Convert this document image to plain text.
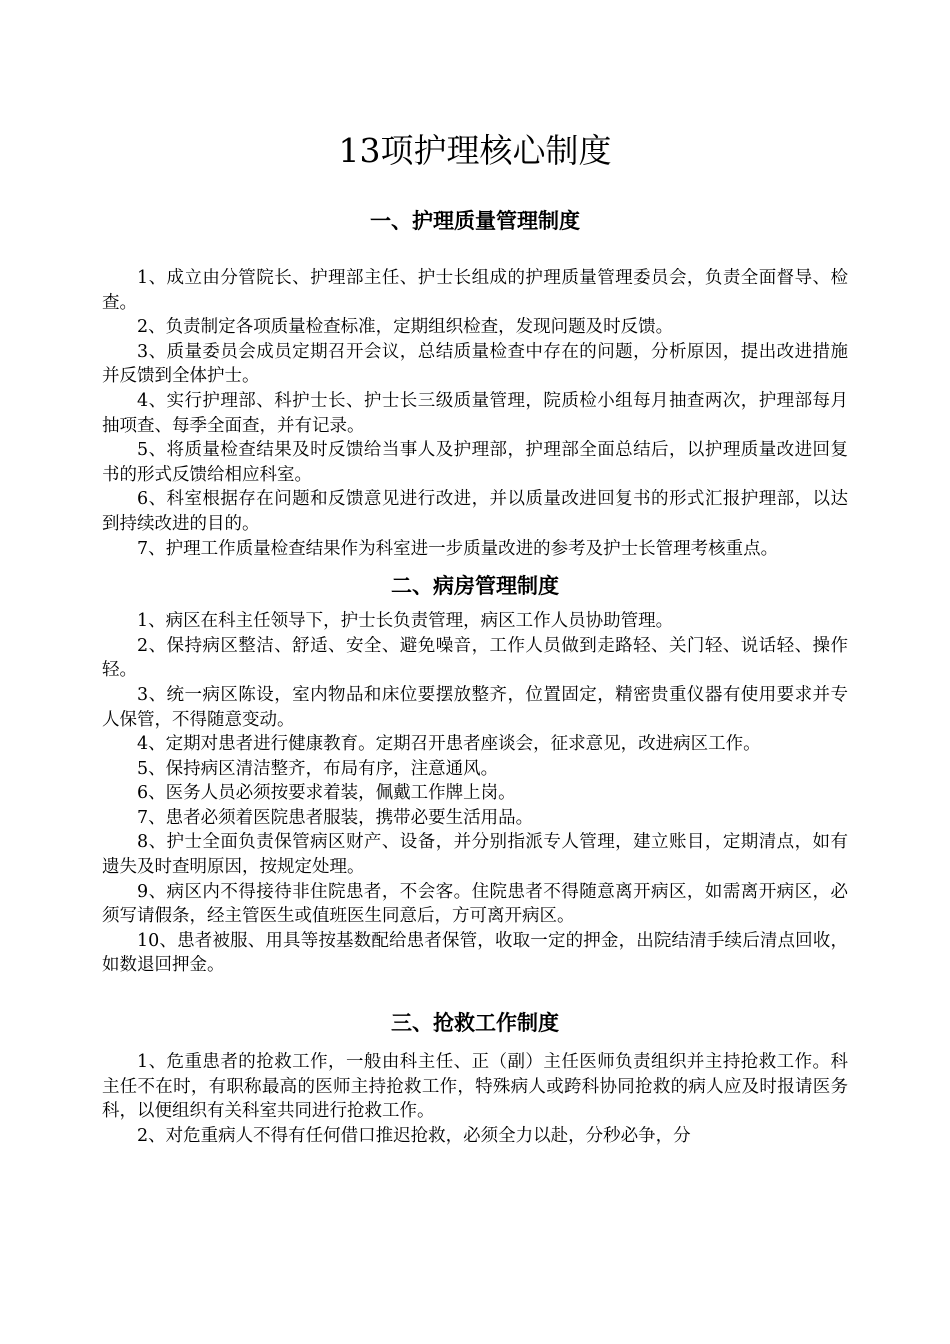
13项护理核心制度
一、护理质量管理制度

1、成立由分管院长、护理部主任、护士长组成的护理质量管理委员会，负责全面督导、检查。

2、负责制定各项质量检查标准，定期组织检查，发现问题及时反馈。

3、质量委员会成员定期召开会议，总结质量检查中存在的问题，分析原因，提出改进措施并反馈到全体护士。

4、实行护理部、科护士长、护士长三级质量管理，院质检小组每月抽查两次，护理部每月抽项查、每季全面查，并有记录。

5、将质量检查结果及时反馈给当事人及护理部，护理部全面总结后，以护理质量改进回复书的形式反馈给相应科室。

6、科室根据存在问题和反馈意见进行改进，并以质量改进回复书的形式汇报护理部，以达到持续改进的目的。

7、护理工作质量检查结果作为科室进一步质量改进的参考及护士长管理考核重点。

二、病房管理制度

1、病区在科主任领导下，护士长负责管理，病区工作人员协助管理。

2、保持病区整洁、舒适、安全、避免噪音，工作人员做到走路轻、关门轻、说话轻、操作轻。

3、统一病区陈设，室内物品和床位要摆放整齐，位置固定，精密贵重仪器有使用要求并专人保管，不得随意变动。

4、定期对患者进行健康教育。定期召开患者座谈会，征求意见，改进病区工作。

5、保持病区清洁整齐，布局有序，注意通风。

6、医务人员必须按要求着装，佩戴工作牌上岗。

7、患者必须着医院患者服装，携带必要生活用品。

8、护士全面负责保管病区财产、设备，并分别指派专人管理，建立账目，定期清点，如有遗失及时查明原因，按规定处理。

9、病区内不得接待非住院患者，不会客。住院患者不得随意离开病区，如需离开病区，必须写请假条，经主管医生或值班医生同意后，方可离开病区。

10、患者被服、用具等按基数配给患者保管，收取一定的押金，出院结清手续后清点回收，如数退回押金。

三、抢救工作制度

1、危重患者的抢救工作，一般由科主任、正（副）主任医师负责组织并主持抢救工作。科主任不在时，有职称最高的医师主持抢救工作，特殊病人或跨科协同抢救的病人应及时报请医务科，以便组织有关科室共同进行抢救工作。

2、对危重病人不得有任何借口推迟抢救，必须全力以赴，分秒必争，分
